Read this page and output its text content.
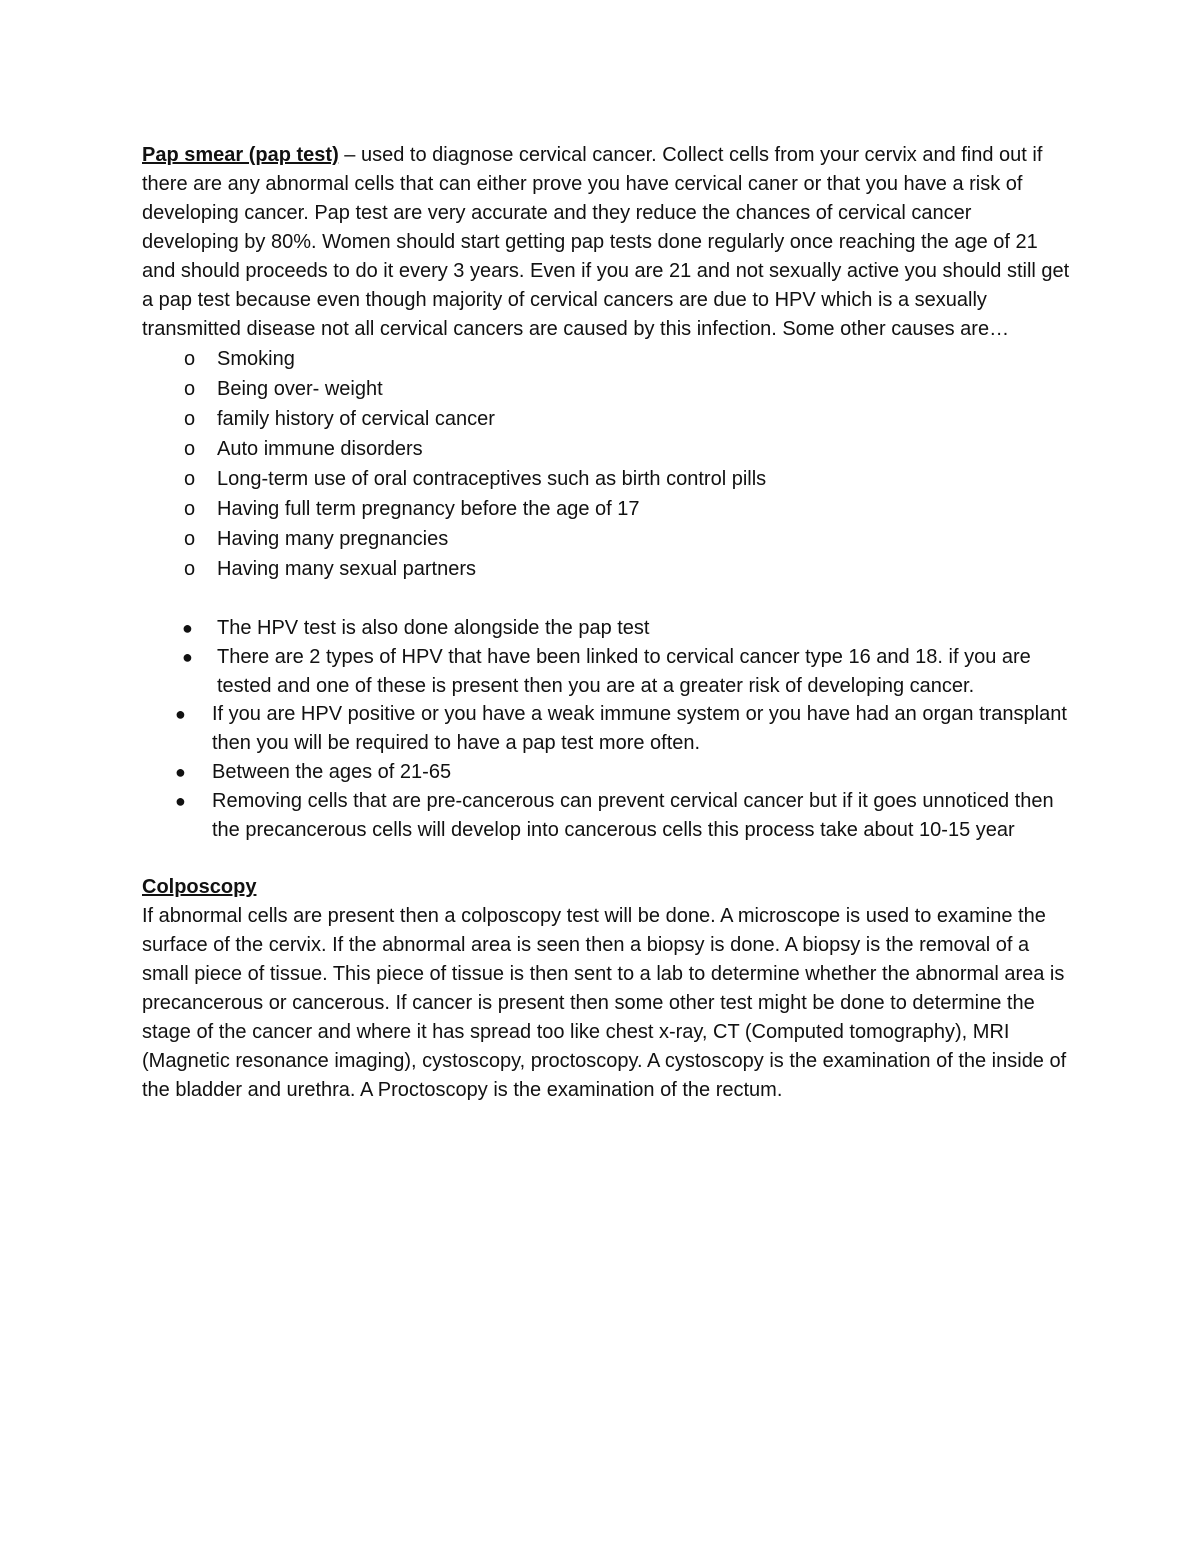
Pap smear (pap test) – used to diagnose cervical cancer. Collect cells from your cervix and find out if there are any abnormal cells that can either prove you have cervical caner or that you have a risk of developing cancer. Pap test are very accurate and they reduce the chances of cervical cancer developing by 80%. Women should start getting pap tests done regularly once reaching the age of 21 and should proceeds to do it every 3 years. Even if you are 21 and not sexually active you should still get a pap test because even though majority of cervical cancers are due to HPV which is a sexually transmitted disease not all cervical cancers are caused by this infection. Some other causes are…

o Smoking
o Being over- weight
o family history of cervical cancer
o Auto immune disorders
o Long-term use of oral contraceptives such as birth control pills
o Having full term pregnancy before the age of 17
o Having many pregnancies
o Having many sexual partners
● The HPV test is also done alongside the pap test
● There are 2 types of HPV that have been linked to cervical cancer type 16 and 18. if you are tested and one of these is present then you are at a greater risk of developing cancer.
● If you are HPV positive or you have a weak immune system or you have had an organ transplant then you will be required to have a pap test more often.
● Between the ages of 21-65
● Removing cells that are pre-cancerous can prevent cervical cancer but if it goes unnoticed then the precancerous cells will develop into cancerous cells this process take about 10-15 year

Colposcopy

If abnormal cells are present then a colposcopy test will be done. A microscope is used to examine the surface of the cervix. If the abnormal area is seen then a biopsy is done. A biopsy is the removal of a small piece of tissue. This piece of tissue is then sent to a lab to determine whether the abnormal area is precancerous or cancerous. If cancer is present then some other test might be done to determine the stage of the cancer and where it has spread too like chest x-ray, CT (Computed tomography), MRI (Magnetic resonance imaging), cystoscopy, proctoscopy. A cystoscopy is the examination of the inside of the bladder and urethra. A Proctoscopy is the examination of the rectum.
